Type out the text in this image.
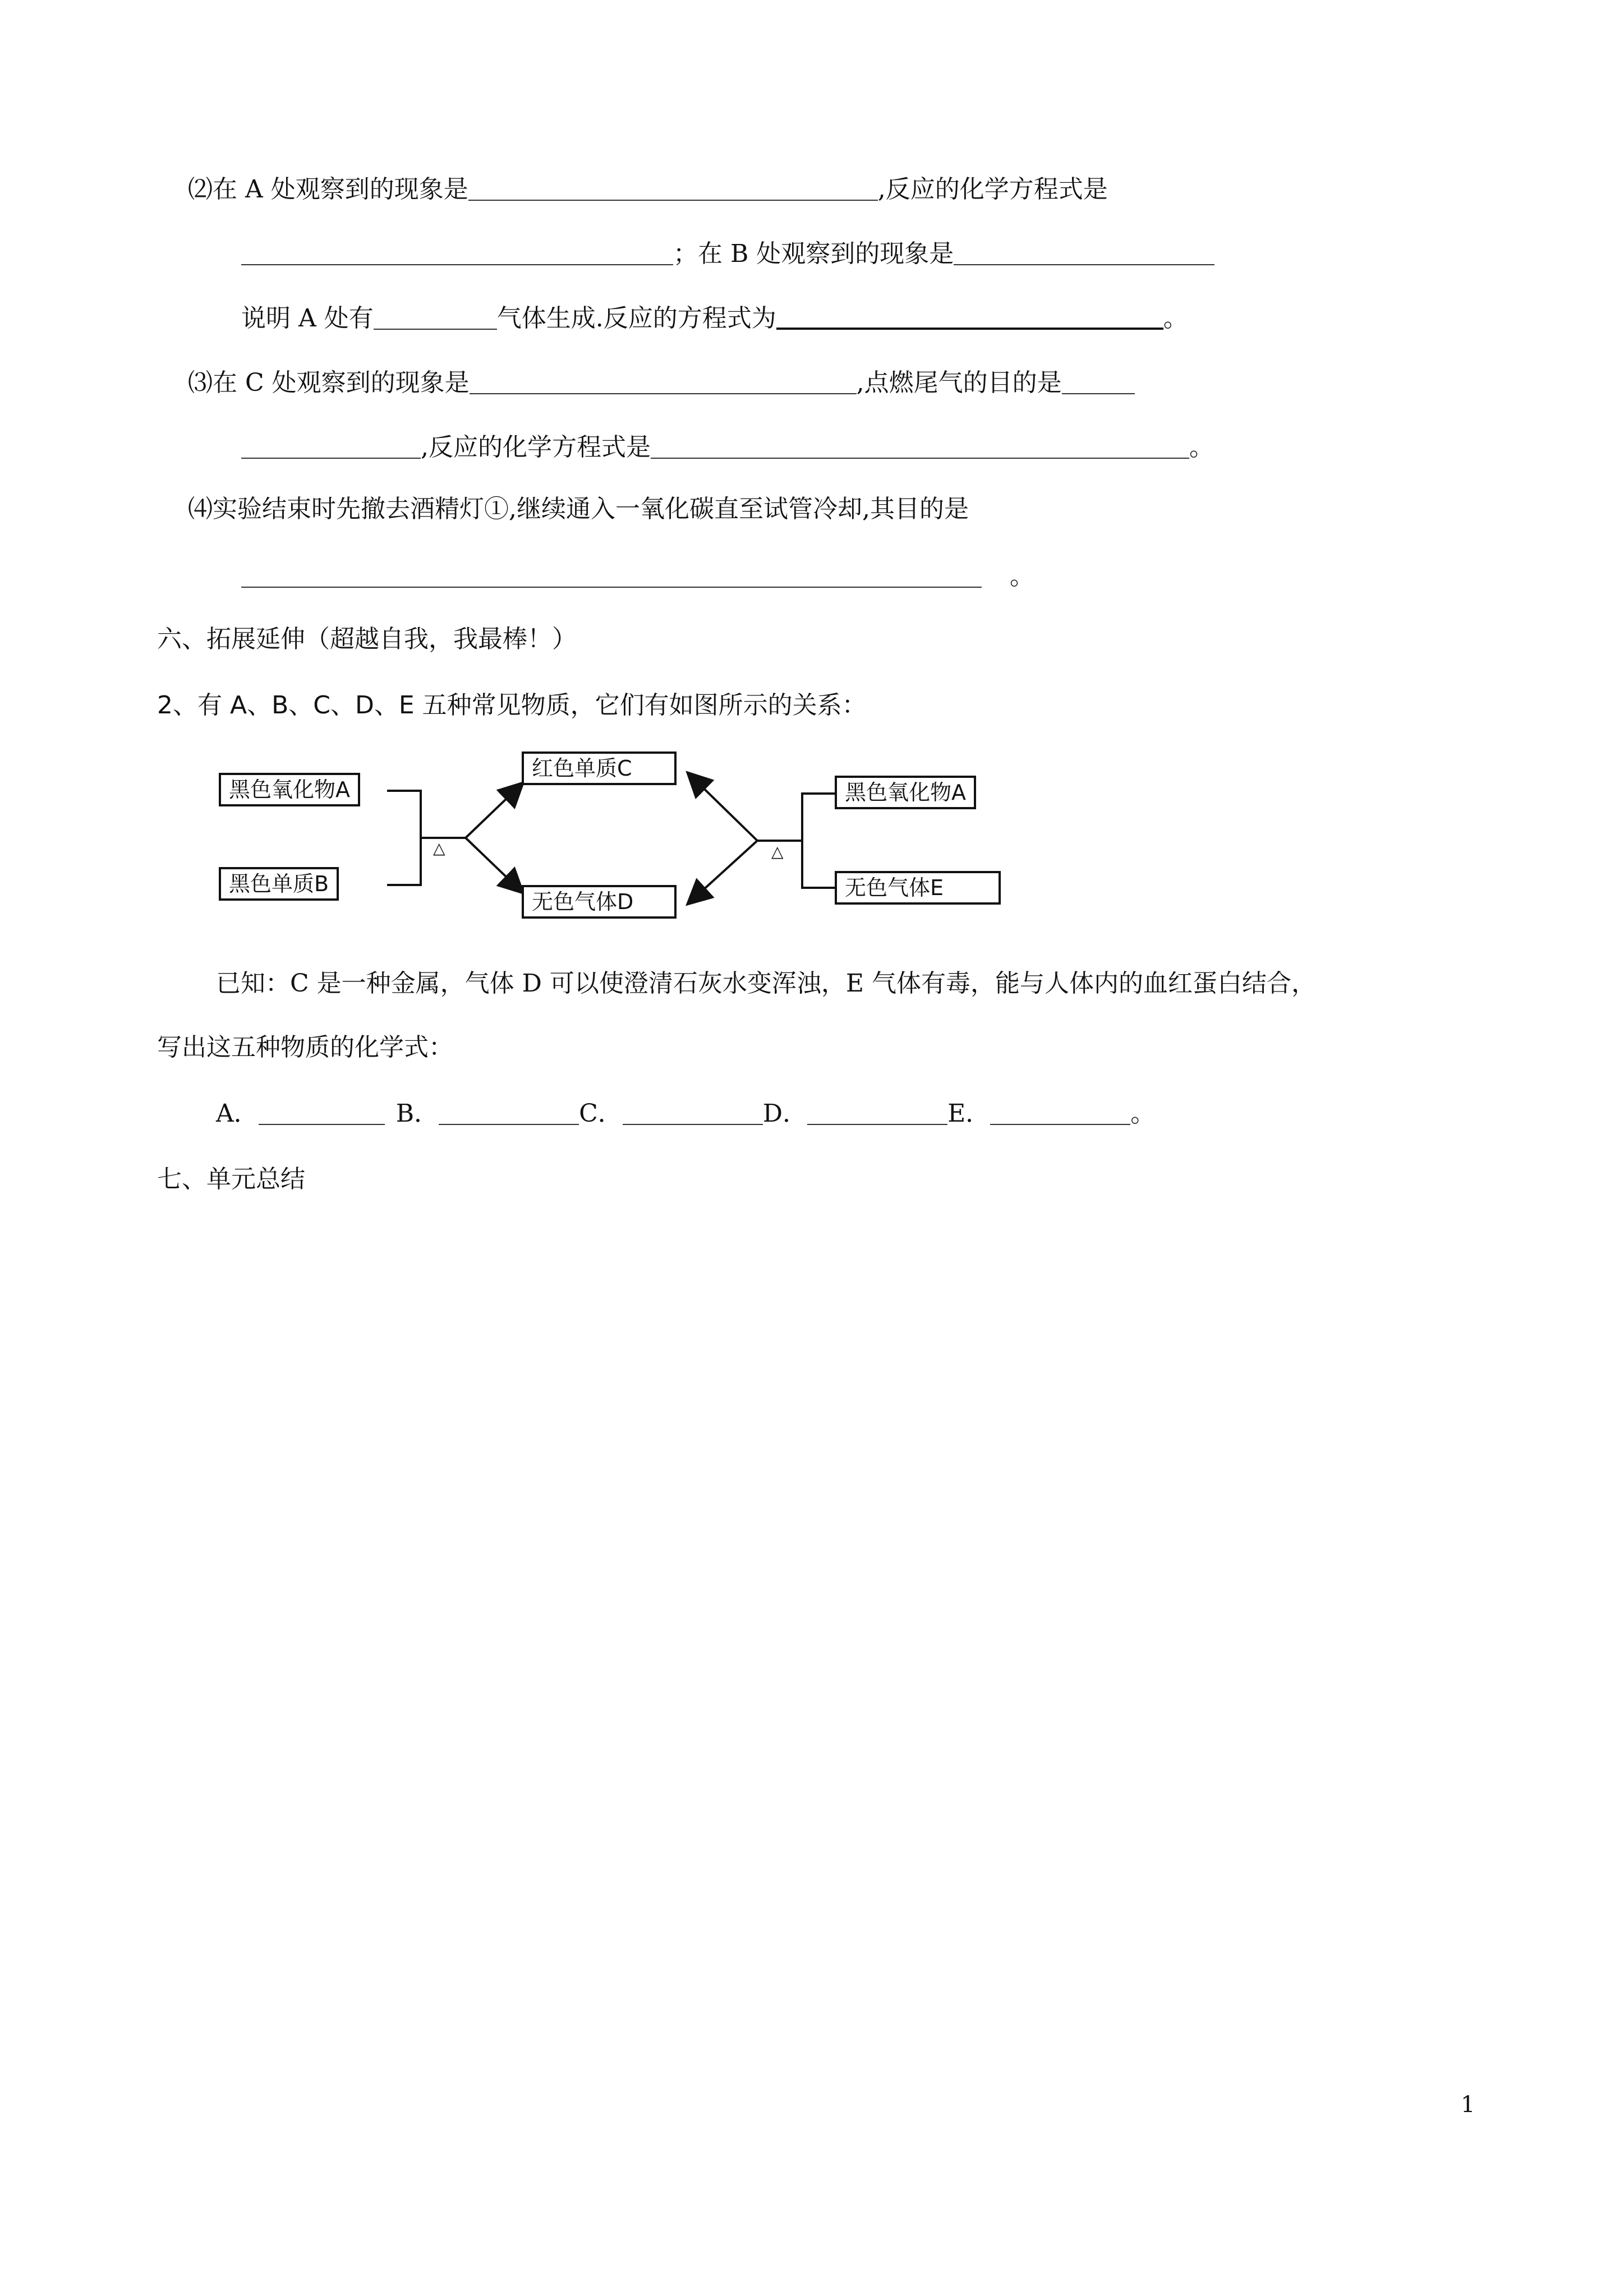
⑵在 A 处观察到的现象是	,反应的化学方程式是
；在 B 处观察到的现象是
说明 A 处有	气体生成.反应的方程式为	。
⑶在 C 处观察到的现象是	,点燃尾气的目的是
,反应的化学方程式是	。
⑷实验结束时先撤去酒精灯①,继续通入一氧化碳直至试管冷却,其目的是
。
六、拓展延伸（超越自我，我最棒！）
2、有 A、B、C、D、E 五种常见物质，它们有如图所示的关系：
黑色氧化物A
黑色单质B
红色单质C
无色气体D
黑色氧化物A
无色气体E
△	△
已知：C 是一种金属，气体 D 可以使澄清石灰水变浑浊，E 气体有毒，能与人体内的血红蛋白结合，
写出这五种物质的化学式：
A．	B．	C．	D．	E．	。
七、单元总结
1
